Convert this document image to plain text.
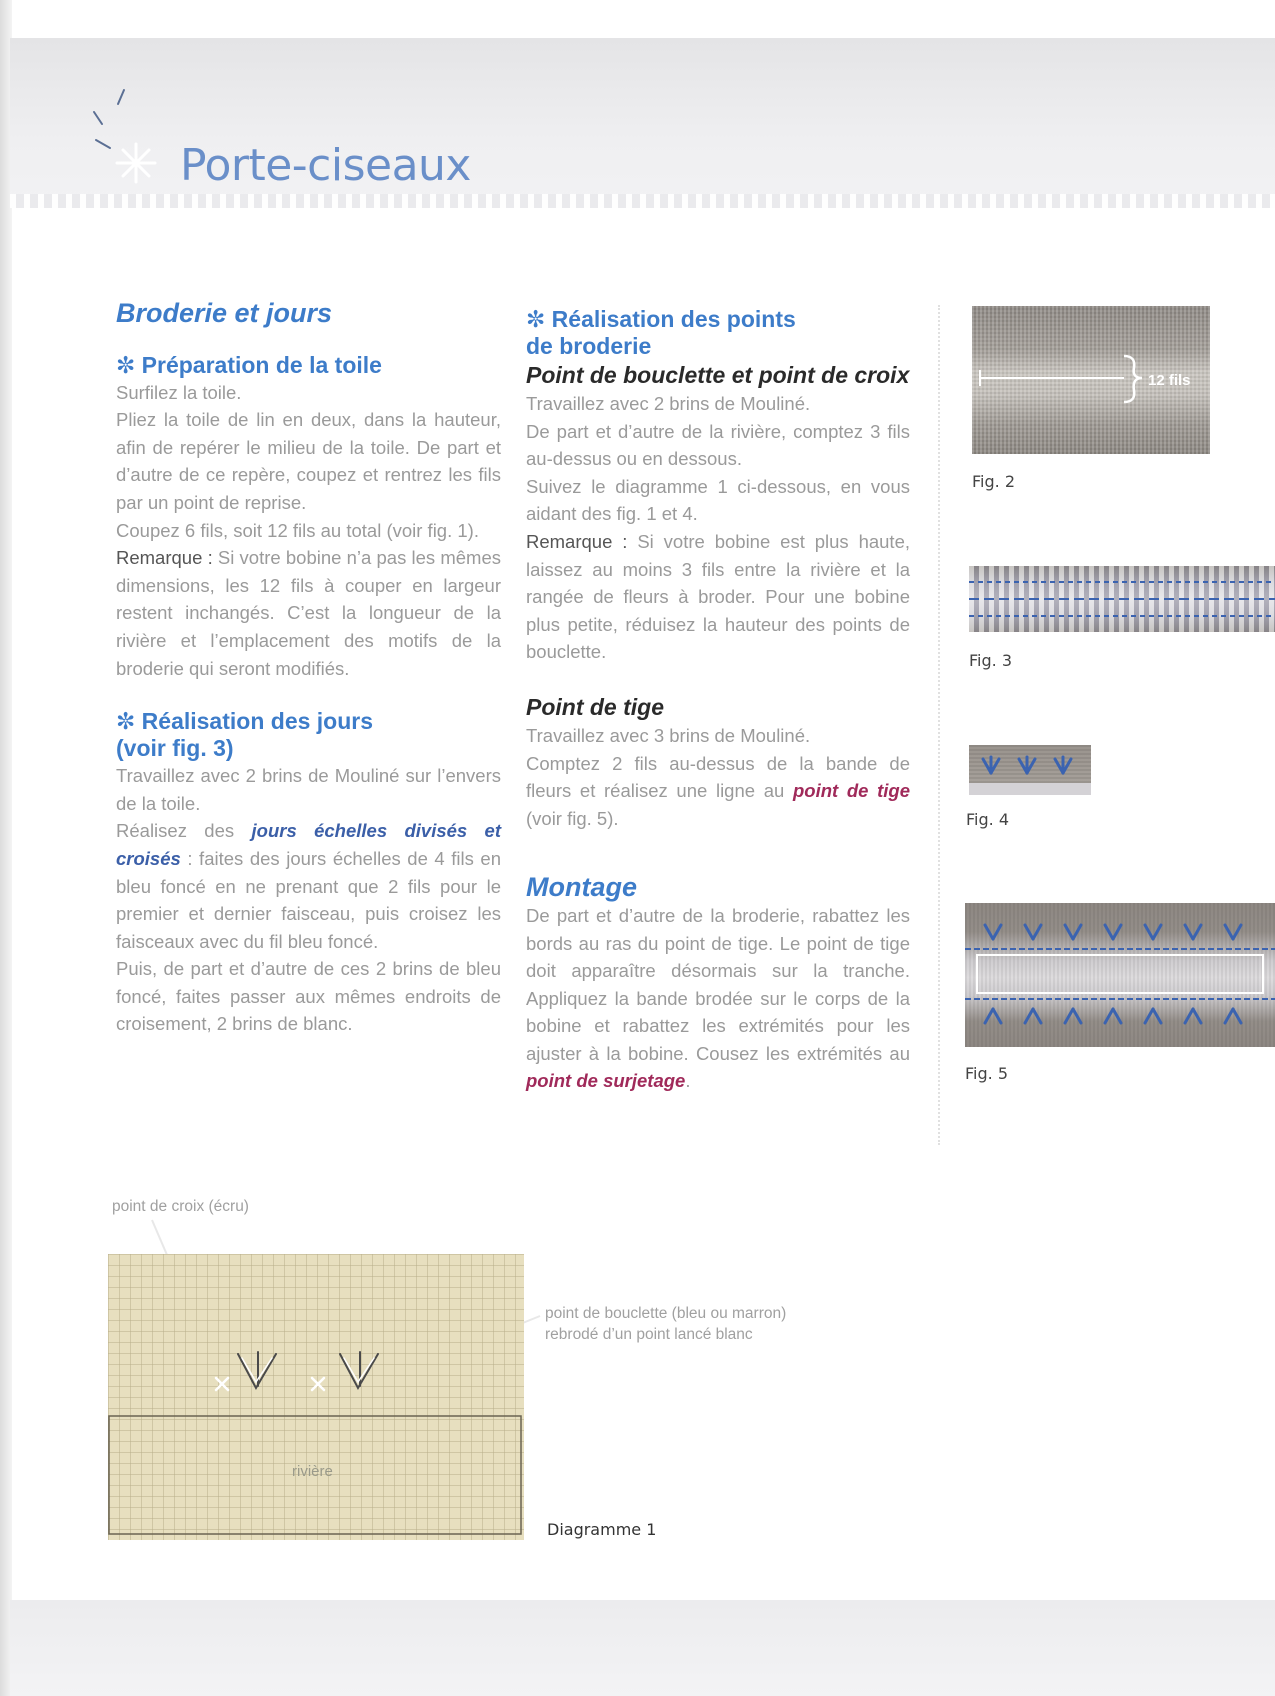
Porte-ciseaux
Broderie et jours
✼ Préparation de la toile

Surfilez la toile.

Pliez la toile de lin en deux, dans la hauteur, afin de repérer le milieu de la toile. De part et d’autre de ce repère, coupez et rentrez les fils par un point de reprise.

Coupez 6 fils, soit 12 fils au total (voir fig. 1).

Remarque : Si votre bobine n’a pas les mêmes dimensions, les 12 fils à couper en largeur restent inchangés. C’est la longueur de la rivière et l’emplacement des motifs de la broderie qui seront modifiés.

✼ Réalisation des jours
(voir fig. 3)

Travaillez avec 2 brins de Mouliné sur l’envers de la toile.

Réalisez des jours échelles divisés et croisés : faites des jours échelles de 4 fils en bleu foncé en ne prenant que 2 fils pour le premier et dernier faisceau, puis croisez les faisceaux avec du fil bleu foncé.

Puis, de part et d’autre de ces 2 brins de bleu foncé, faites passer aux mêmes endroits de croisement, 2 brins de blanc.

✼ Réalisation des points
de broderie
Point de bouclette et point de croix

Travaillez avec 2 brins de Mouliné.

De part et d’autre de la rivière, comptez 3 fils au-dessus ou en dessous.

Suivez le diagramme 1 ci-dessous, en vous aidant des fig. 1 et 4.

Remarque : Si votre bobine est plus haute, laissez au moins 3 fils entre la rivière et la rangée de fleurs à broder. Pour une bobine plus petite, réduisez la hauteur des points de bouclette.

Point de tige

Travaillez avec 3 brins de Mouliné.

Comptez 2 fils au-dessus de la bande de fleurs et réalisez une ligne au point de tige (voir fig. 5).

Montage

De part et d’autre de la broderie, rabattez les bords au ras du point de tige. Le point de tige doit apparaître désormais sur la tranche. Appliquez la bande brodée sur le corps de la bobine et rabattez les extrémités pour les ajuster à la bobine. Cousez les extrémités au point de surjetage.

12 fils
Fig. 2
Fig. 3
Fig. 4
Fig. 5
point de croix (écru)
point de bouclette (bleu ou marron)
rebrodé d’un point lancé blanc
rivière
Diagramme 1
